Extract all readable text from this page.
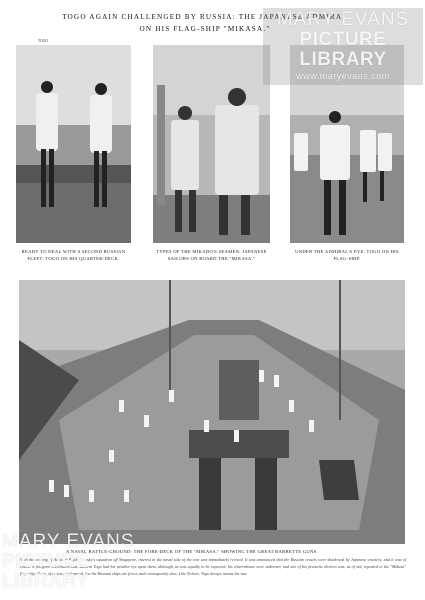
TOGO AGAIN CHALLENGED BY RUSSIA: THE JAPANESE ADMIRAL
ON HIS FLAG-SHIP "MIKASA."
TOGO.
READY TO DEAL WITH A SECOND RUSSIAN FLEET: TOGO ON HIS QUARTER-DECK.
TYPES OF THE MIKADO'S SEAMEN: JAPANESE SAILORS ON BOARD THE "MIKASA."
UNDER THE ADMIRAL'S EYE: TOGO ON HIS FLAG-SHIP.
A NAVAL BATTLE-GROUND: THE FORE-DECK OF THE "MIKASA," SHOWING THE GREAT BARBETTE GUNS.
With the coming of Admiral Rojdestvensky's squadron off Singapore, interest in the naval side of the war was immediately revived. It was announced that the Russian vessels were shadowed by Japanese cruisers, and it was of course a foregone conclusion that Admiral Togo had his weather eye upon them, although, as was equally to be expected, his whereabouts were unknown, and one of his favourite devices was, as of old, repeated to the "Mikasa" flag-ship. He is, of course, undaunted, but the Russian ships are fewer, and consequently slow. Like Nelson, Togo always means his war.
MARY EVANS
PICTURE LIBRARY
www.maryevans.com
MARY EVANS
PICTURE LIBRARY
